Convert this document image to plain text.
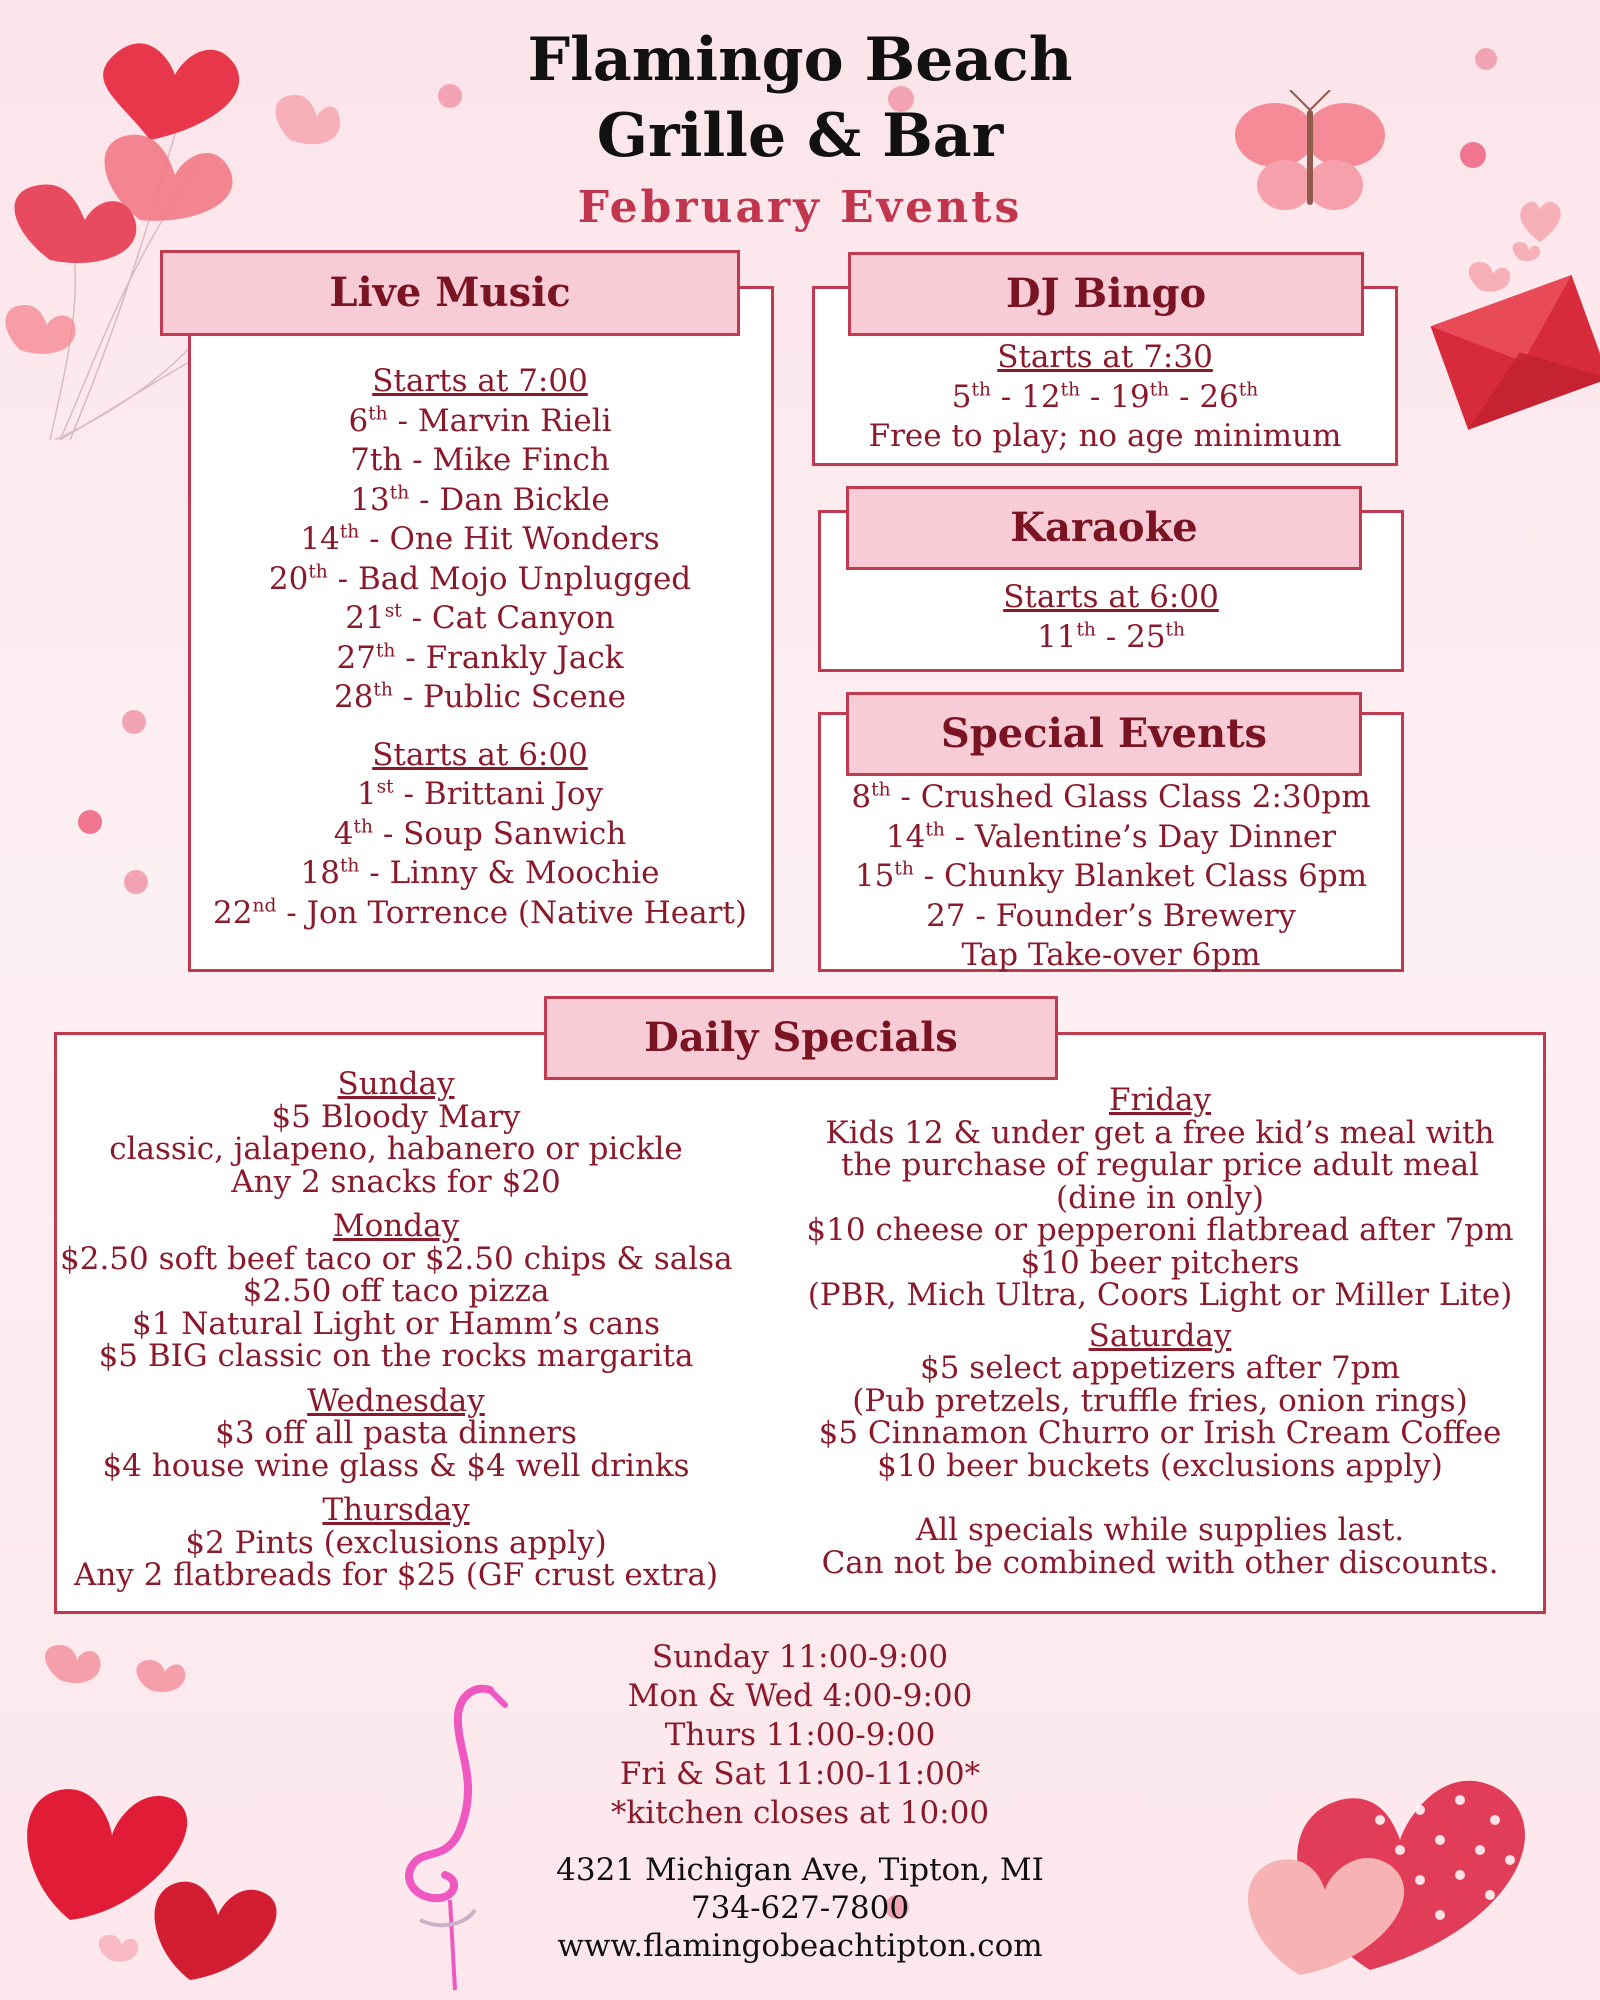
Flamingo Beach
Grille & Bar
February Events
Live Music
Starts at 7:00
6th - Marvin Rieli
7th - Mike Finch
13th - Dan Bickle
14th - One Hit Wonders
20th - Bad Mojo Unplugged
21st - Cat Canyon
27th - Frankly Jack
28th - Public Scene
Starts at 6:00
1st - Brittani Joy
4th - Soup Sanwich
18th - Linny & Moochie
22nd - Jon Torrence (Native Heart)
DJ Bingo
Starts at 7:30
5th - 12th - 19th - 26th
Free to play; no age minimum
Karaoke
Starts at 6:00
11th - 25th
Special Events
8th - Crushed Glass Class 2:30pm
14th - Valentine’s Day Dinner
15th - Chunky Blanket Class 6pm
27 - Founder’s Brewery
Tap Take-over 6pm
Daily Specials
Sunday
$5 Bloody Mary
classic, jalapeno, habanero or pickle
Any 2 snacks for $20
Monday
$2.50 soft beef taco or $2.50 chips & salsa
$2.50 off taco pizza
$1 Natural Light or Hamm’s cans
$5 BIG classic on the rocks margarita
Wednesday
$3 off all pasta dinners
$4 house wine glass & $4 well drinks
Thursday
$2 Pints (exclusions apply)
Any 2 flatbreads for $25 (GF crust extra)
Friday
Kids 12 & under get a free kid’s meal with
the purchase of regular price adult meal
(dine in only)
$10 cheese or pepperoni flatbread after 7pm
$10 beer pitchers
(PBR, Mich Ultra, Coors Light or Miller Lite)
Saturday
$5 select appetizers after 7pm
(Pub pretzels, truffle fries, onion rings)
$5 Cinnamon Churro or Irish Cream Coffee
$10 beer buckets (exclusions apply)
All specials while supplies last.
Can not be combined with other discounts.
Sunday 11:00-9:00
Mon & Wed 4:00-9:00
Thurs 11:00-9:00
Fri & Sat 11:00-11:00*
*kitchen closes at 10:00
4321 Michigan Ave, Tipton, MI
734-627-7800
www.flamingobeachtipton.com
